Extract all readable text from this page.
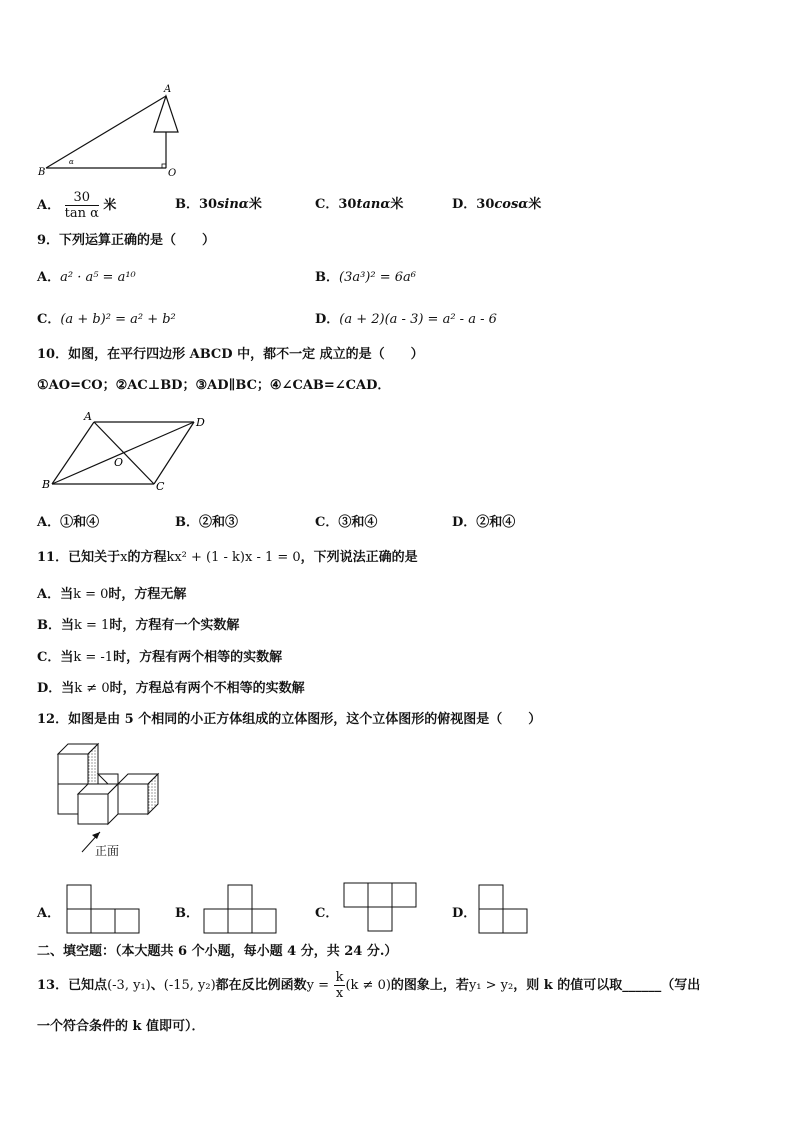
A
B	O
α
A． $\frac{30}{\text{tan α}}$ 米	B．30sinα米	C．30tanα米	D．30cosα米
9．下列运算正确的是（　　）
A．a² · a⁵ = a¹⁰	B．(3a³)² = 6a⁶
C．(a + b)² = a² + b²	D．(a + 2)(a - 3) = a² - a - 6
10．如图，在平行四边形 ABCD 中，都不一定 成立的是（　　）
①AO=CO；②AC⊥BD；③AD∥BC；④∠CAB=∠CAD．
A	D
B	C
O
A．①和④	B．②和③	C．③和④	D．②和④
11．已知关于x的方程kx² + (1 - k)x - 1 = 0，下列说法正确的是
A．当k = 0时，方程无解
B．当k = 1时，方程有一个实数解
C．当k = -1时，方程有两个相等的实数解
D．当k ≠ 0时，方程总有两个不相等的实数解
12．如图是由 5 个相同的小正方体组成的立体图形，这个立体图形的俯视图是（　　）
正面
A．	B．	C．	D．
二、填空题：（本大题共 6 个小题，每小题 4 分，共 24 分.）
13．已知点(-3, y₁)、(-15, y₂)都在反比例函数$y = \frac{k}{x} (k \ne 0)$的图象上，若y₁ > y₂，则 k 的值可以取______（写出
一个符合条件的 k 值即可）．
